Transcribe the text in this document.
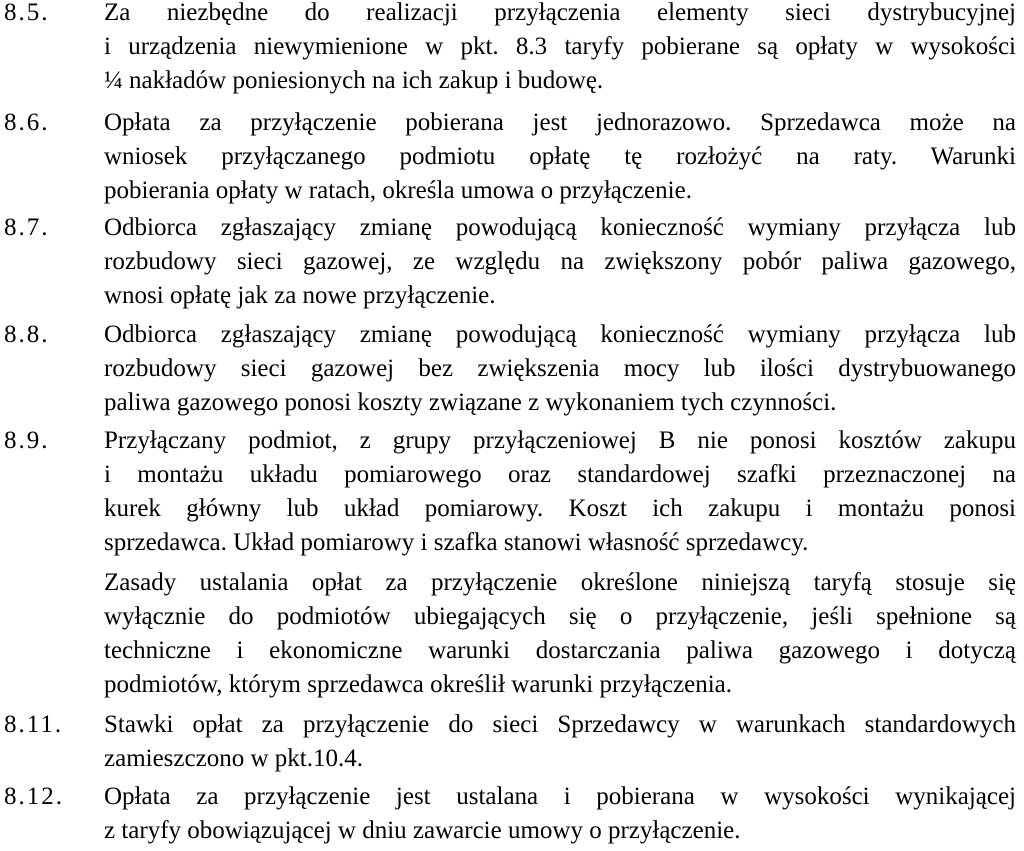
8.5. Za niezbędne do realizacji przyłączenia elementy sieci dystrybucyjnej
i urządzenia niewymienione w pkt. 8.3 taryfy pobierane są opłaty w wysokości
¼ nakładów poniesionych na ich zakup i budowę.
8.6. Opłata za przyłączenie pobierana jest jednorazowo. Sprzedawca może na
wniosek przyłączanego podmiotu opłatę tę rozłożyć na raty. Warunki
pobierania opłaty w ratach, określa umowa o przyłączenie.
8.7. Odbiorca zgłaszający zmianę powodującą konieczność wymiany przyłącza lub
rozbudowy sieci gazowej, ze względu na zwiększony pobór paliwa gazowego,
wnosi opłatę jak za nowe przyłączenie.
8.8. Odbiorca zgłaszający zmianę powodującą konieczność wymiany przyłącza lub
rozbudowy sieci gazowej bez zwiększenia mocy lub ilości dystrybuowanego
paliwa gazowego ponosi koszty związane z wykonaniem tych czynności.
8.9. Przyłączany podmiot, z grupy przyłączeniowej B nie ponosi kosztów zakupu
i montażu układu pomiarowego oraz standardowej szafki przeznaczonej na
kurek główny lub układ pomiarowy. Koszt ich zakupu i montażu ponosi
sprzedawca. Układ pomiarowy i szafka stanowi własność sprzedawcy.
Zasady ustalania opłat za przyłączenie określone niniejszą taryfą stosuje się
wyłącznie do podmiotów ubiegających się o przyłączenie, jeśli spełnione są
techniczne i ekonomiczne warunki dostarczania paliwa gazowego i dotyczą
podmiotów, którym sprzedawca określił warunki przyłączenia.
8.11. Stawki opłat za przyłączenie do sieci Sprzedawcy w warunkach standardowych
zamieszczono w pkt.10.4.
8.12. Opłata za przyłączenie jest ustalana i pobierana w wysokości wynikającej
z taryfy obowiązującej w dniu zawarcie umowy o przyłączenie.
